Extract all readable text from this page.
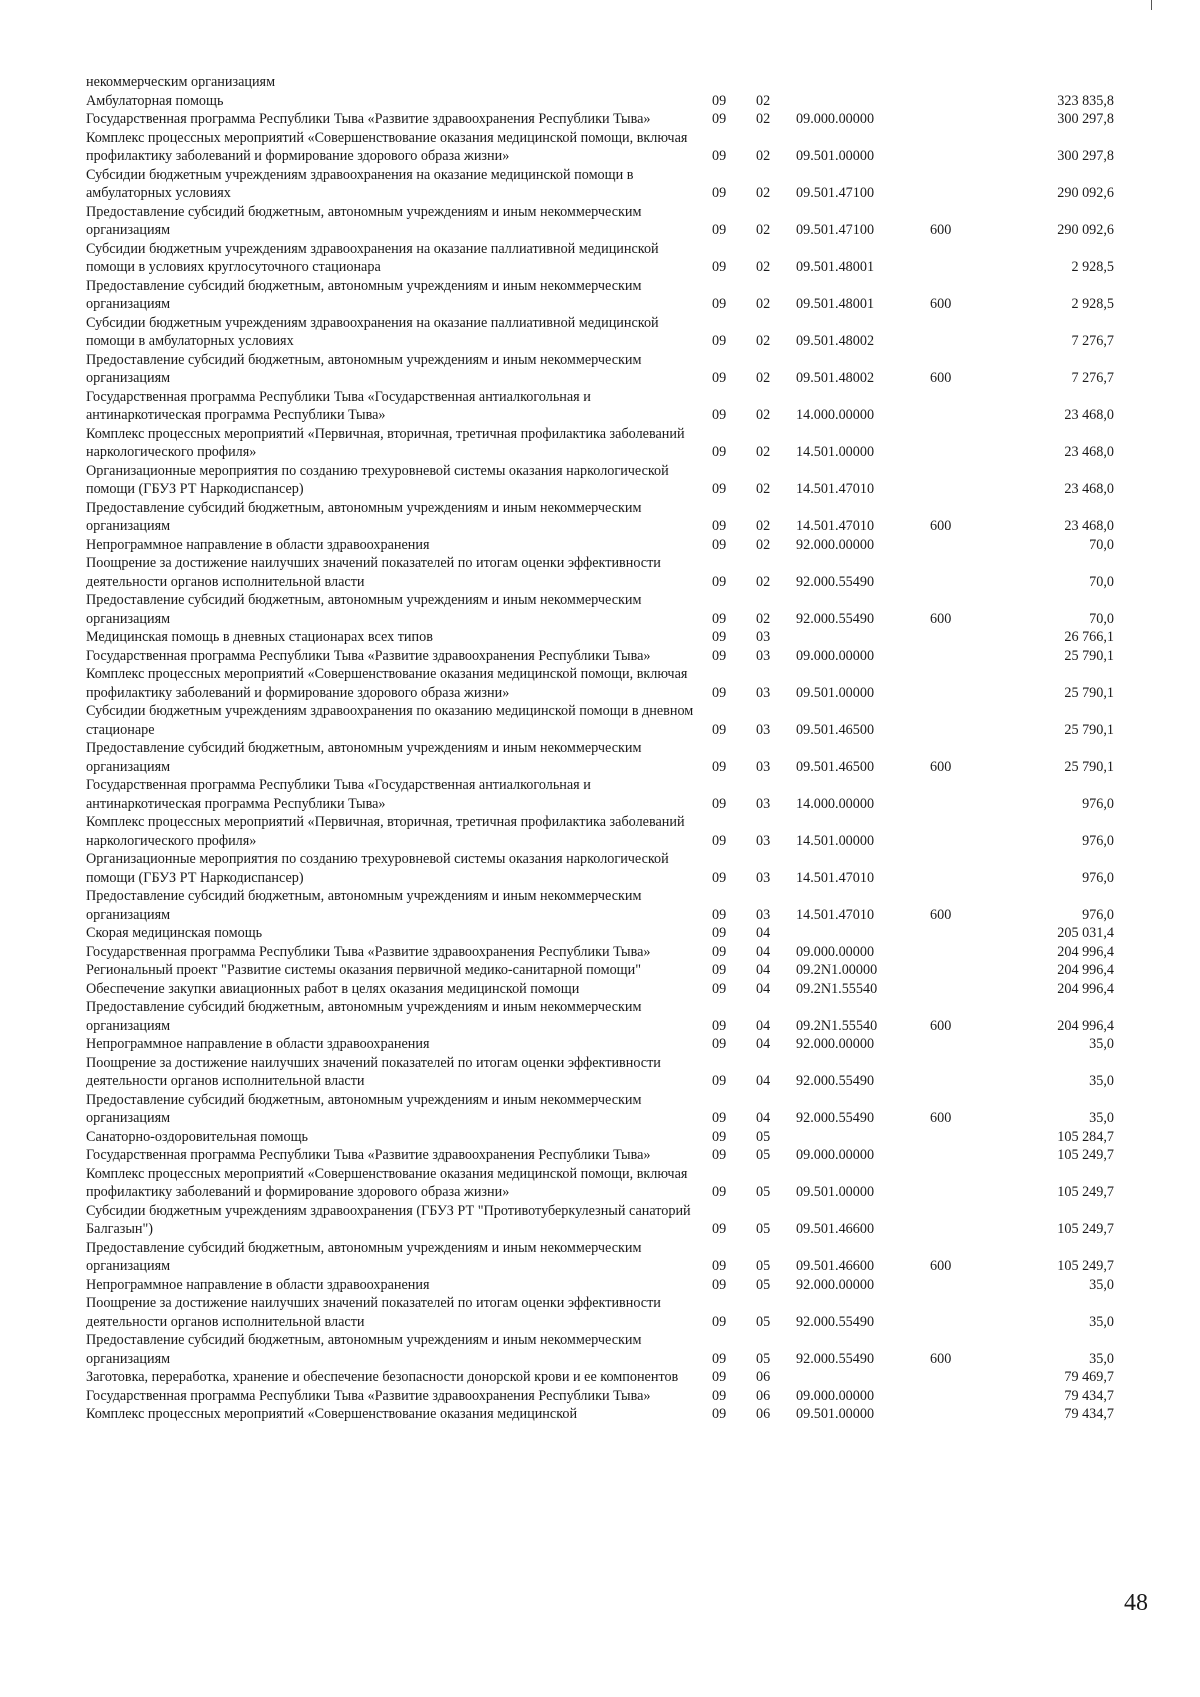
некоммерческим организациям					
Амбулаторная помощь	09	02			323 835,8
Государственная программа Республики Тыва «Развитие здравоохранения Республики Тыва»	09	02	09.000.00000		300 297,8
Комплекс процессных мероприятий «Совершенствование оказания медицинской помощи, включая профилактику заболеваний и формирование здорового образа жизни»	09	02	09.501.00000		300 297,8
Субсидии бюджетным учреждениям здравоохранения на оказание медицинской помощи в амбулаторных условиях	09	02	09.501.47100		290 092,6
Предоставление субсидий бюджетным, автономным учреждениям и иным некоммерческим организациям	09	02	09.501.47100	600	290 092,6
Субсидии бюджетным учреждениям здравоохранения на оказание паллиативной медицинской помощи в условиях круглосуточного стационара	09	02	09.501.48001		2 928,5
Предоставление субсидий бюджетным, автономным учреждениям и иным некоммерческим организациям	09	02	09.501.48001	600	2 928,5
Субсидии бюджетным учреждениям здравоохранения на оказание паллиативной медицинской помощи в амбулаторных условиях	09	02	09.501.48002		7 276,7
Предоставление субсидий бюджетным, автономным учреждениям и иным некоммерческим организациям	09	02	09.501.48002	600	7 276,7
Государственная программа Республики Тыва «Государственная антиалкогольная и антинаркотическая программа Республики Тыва»	09	02	14.000.00000		23 468,0
Комплекс процессных мероприятий «Первичная, вторичная, третичная профилактика заболеваний наркологического профиля»	09	02	14.501.00000		23 468,0
Организационные мероприятия по созданию трехуровневой системы оказания наркологической помощи (ГБУЗ РТ Наркодиспансер)	09	02	14.501.47010		23 468,0
Предоставление субсидий бюджетным, автономным учреждениям и иным некоммерческим организациям	09	02	14.501.47010	600	23 468,0
Непрограммное направление в области здравоохранения	09	02	92.000.00000		70,0
Поощрение за достижение наилучших значений показателей по итогам оценки эффективности деятельности органов исполнительной власти	09	02	92.000.55490		70,0
Предоставление субсидий бюджетным, автономным учреждениям и иным некоммерческим организациям	09	02	92.000.55490	600	70,0
Медицинская помощь в дневных стационарах всех типов	09	03			26 766,1
Государственная программа Республики Тыва «Развитие здравоохранения Республики Тыва»	09	03	09.000.00000		25 790,1
Комплекс процессных мероприятий «Совершенствование оказания медицинской помощи, включая профилактику заболеваний и формирование здорового образа жизни»	09	03	09.501.00000		25 790,1
Субсидии бюджетным учреждениям здравоохранения по оказанию медицинской помощи в дневном стационаре	09	03	09.501.46500		25 790,1
Предоставление субсидий бюджетным, автономным учреждениям и иным некоммерческим организациям	09	03	09.501.46500	600	25 790,1
Государственная программа Республики Тыва «Государственная антиалкогольная и антинаркотическая программа Республики Тыва»	09	03	14.000.00000		976,0
Комплекс процессных мероприятий «Первичная, вторичная, третичная профилактика заболеваний наркологического профиля»	09	03	14.501.00000		976,0
Организационные мероприятия по созданию трехуровневой системы оказания наркологической помощи (ГБУЗ РТ Наркодиспансер)	09	03	14.501.47010		976,0
Предоставление субсидий бюджетным, автономным учреждениям и иным некоммерческим организациям	09	03	14.501.47010	600	976,0
Скорая медицинская помощь	09	04			205 031,4
Государственная программа Республики Тыва «Развитие здравоохранения Республики Тыва»	09	04	09.000.00000		204 996,4
Региональный проект "Развитие системы оказания первичной медико-санитарной помощи"	09	04	09.2N1.00000		204 996,4
Обеспечение закупки авиационных работ в целях оказания медицинской помощи	09	04	09.2N1.55540		204 996,4
Предоставление субсидий бюджетным, автономным учреждениям и иным некоммерческим организациям	09	04	09.2N1.55540	600	204 996,4
Непрограммное направление в области здравоохранения	09	04	92.000.00000		35,0
Поощрение за достижение наилучших значений показателей по итогам оценки эффективности деятельности органов исполнительной власти	09	04	92.000.55490		35,0
Предоставление субсидий бюджетным, автономным учреждениям и иным некоммерческим организациям	09	04	92.000.55490	600	35,0
Санаторно-оздоровительная помощь	09	05			105 284,7
Государственная программа Республики Тыва «Развитие здравоохранения Республики Тыва»	09	05	09.000.00000		105 249,7
Комплекс процессных мероприятий «Совершенствование оказания медицинской помощи, включая профилактику заболеваний и формирование здорового образа жизни»	09	05	09.501.00000		105 249,7
Субсидии бюджетным учреждениям здравоохранения (ГБУЗ РТ "Противотуберкулезный санаторий Балгазын")	09	05	09.501.46600		105 249,7
Предоставление субсидий бюджетным, автономным учреждениям и иным некоммерческим организациям	09	05	09.501.46600	600	105 249,7
Непрограммное направление в области здравоохранения	09	05	92.000.00000		35,0
Поощрение за достижение наилучших значений показателей по итогам оценки эффективности деятельности органов исполнительной власти	09	05	92.000.55490		35,0
Предоставление субсидий бюджетным, автономным учреждениям и иным некоммерческим организациям	09	05	92.000.55490	600	35,0
Заготовка, переработка, хранение и обеспечение безопасности донорской крови и ее компонентов	09	06			79 469,7
Государственная программа Республики Тыва «Развитие здравоохранения Республики Тыва»	09	06	09.000.00000		79 434,7
Комплекс процессных мероприятий «Совершенствование оказания медицинской	09	06	09.501.00000		79 434,7
48
